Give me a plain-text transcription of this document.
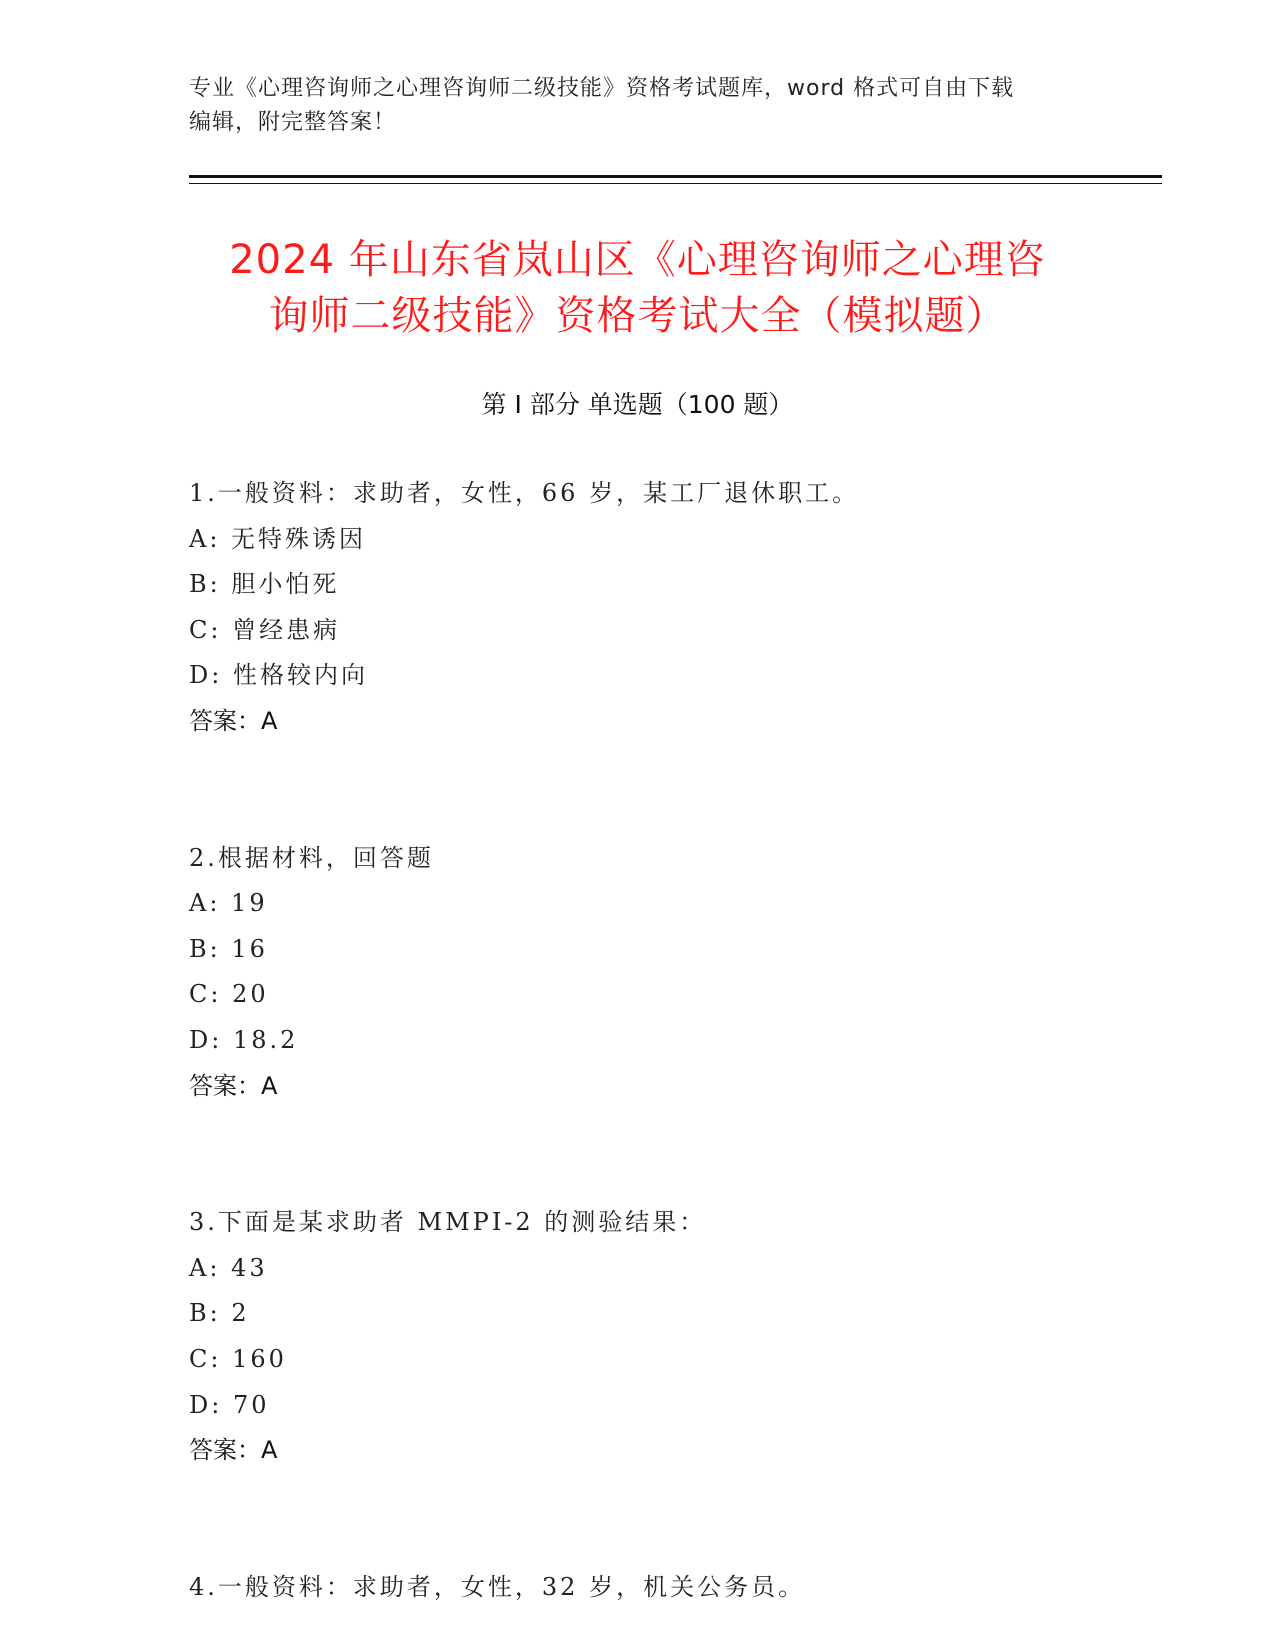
专业《心理咨询师之心理咨询师二级技能》资格考试题库，word 格式可自由下载
编辑，附完整答案！
2024 年山东省岚山区《心理咨询师之心理咨
询师二级技能》资格考试大全（模拟题）
第 I 部分 单选题（100 题）
1.一般资料：求助者，女性，66 岁，某工厂退休职工。
A: 无特殊诱因
B: 胆小怕死
C: 曾经患病
D: 性格较内向
答案：A
2.根据材料，回答题
A: 19
B: 16
C: 20
D: 18.2
答案：A
3.下面是某求助者 MMPI-2 的测验结果：
A: 43
B: 2
C: 160
D: 70
答案：A
4.一般资料：求助者，女性，32 岁，机关公务员。
